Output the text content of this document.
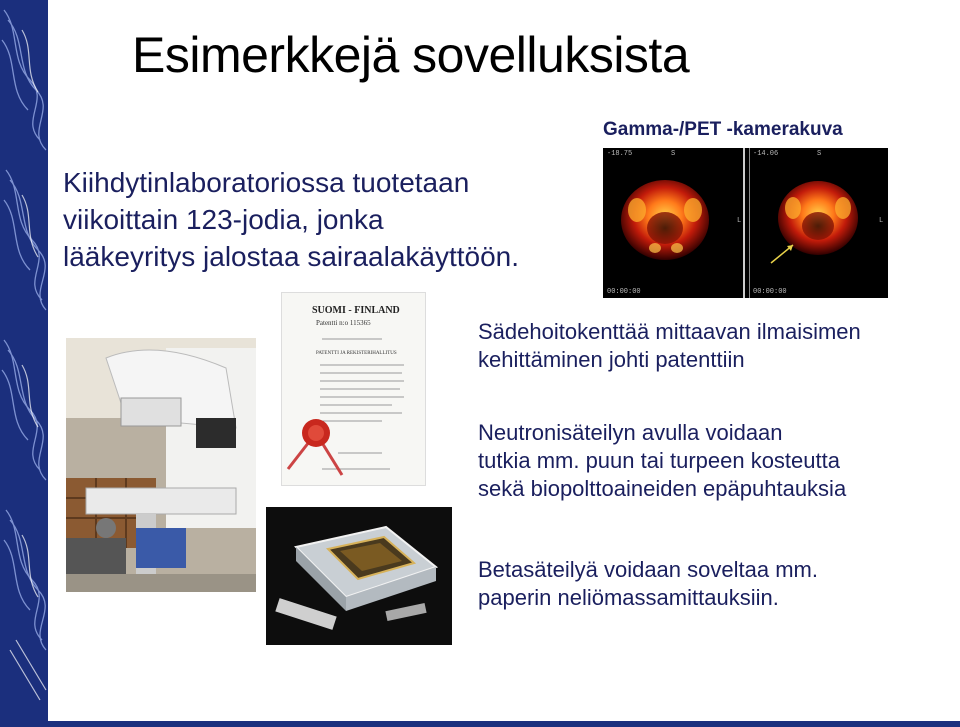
Esimerkkejä sovelluksista
Kiihdytinlaboratoriossa tuotetaan
viikoittain 123-jodia, jonka
lääkeyritys jalostaa sairaalakäyttöön.
Gamma-/PET -kamerakuva
L	L
-18.75	S	-14.06	S
00:00:00	00:00:00
SUOMI - FINLAND
Patentti n:o 115365
PATENTTI JA REKISTERIHALLITUS
Sädehoitokenttää mittaavan ilmaisimen
kehittäminen johti patenttiin
Neutronisäteilyn avulla voidaan
tutkia mm. puun tai turpeen kosteutta
sekä biopolttoaineiden epäpuhtauksia
Betasäteilyä voidaan soveltaa mm.
paperin neliömassamittauksiin.
